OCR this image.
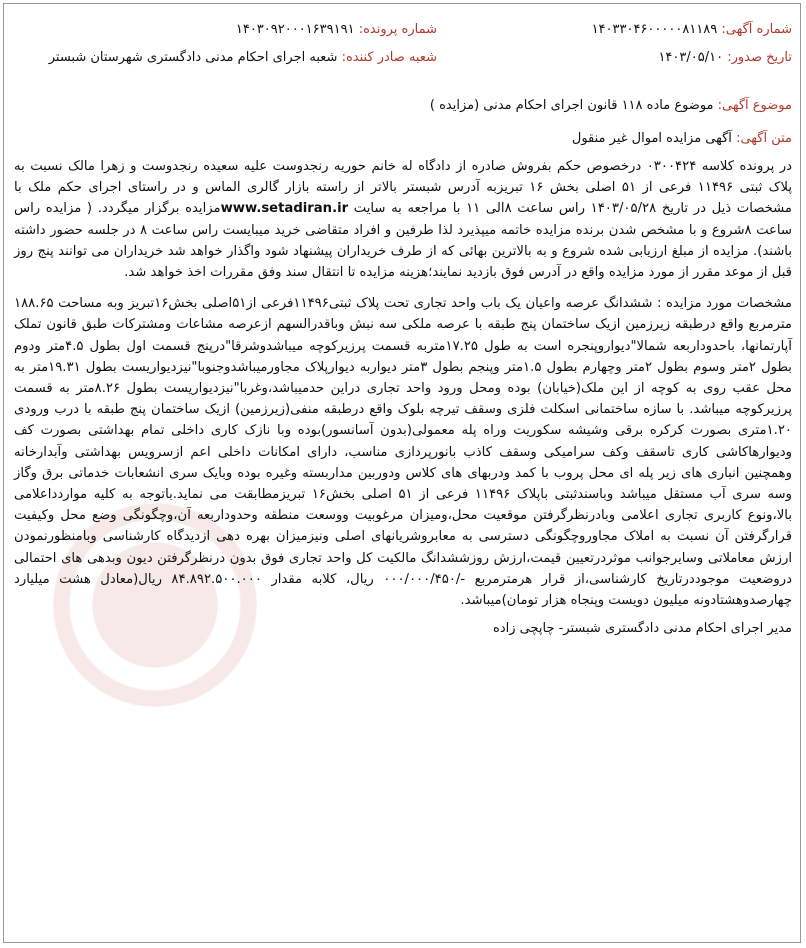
شماره آگهی: ۱۴۰۳۳۰۴۶۰۰۰۰۰۸۱۱۸۹
شماره پرونده: ۱۴۰۳۰۹۲۰۰۰۱۶۳۹۱۹۱
تاریخ صدور: ۱۴۰۳/۰۵/۱۰
شعبه صادر کننده: شعبه اجرای احکام مدنی دادگستری شهرستان شبستر
موضوع آگهی: موضوع ماده ۱۱۸ قانون اجرای احکام مدنی (مزایده )
متن آگهی: آگهی مزایده اموال غیر منقول

در پرونده کلاسه ۰۳۰۰۴۲۴ درخصوص حکم بفروش صادره از دادگاه له خانم حوریه رنجدوست علیه سعیده رنجدوست و زهرا مالک نسبت به پلاک ثبتی ۱۱۴۹۶ فرعی از ۵۱ اصلی بخش ۱۶ تبریزبه آدرس شبستر بالاتر از راسته بازار گالری الماس و در راستای اجرای حکم ملک با مشخصات ذیل در تاریخ ۱۴۰۳/۰۵/۲۸ راس ساعت ۸الی ۱۱ با مراجعه به سایت www.setadiran.irمزایده برگزار میگردد. ( مزایده راس ساعت ۸شروع و با مشخص شدن برنده مزایده خاتمه میپذیرد لذا طرفین و افراد متقاضی خرید میبایست راس ساعت ۸ در جلسه حضور داشته باشند). مزایده از مبلغ ارزیابی شده شروع و به بالاترین بهائی که از طرف خریداران پیشنهاد شود واگذار خواهد شد خریداران می توانند پنج روز قبل از موعد مقرر از مورد مزایده واقع در آدرس فوق بازدید نمایند؛هزینه مزایده تا انتقال سند وفق مقررات اخذ خواهد شد.

مشخصات مورد مزایده : ششدانگ عرصه واعیان یک باب واحد تجاری تحت پلاک ثبتی۱۱۴۹۶فرعی از۵۱اصلی بخش۱۶تبریز وبه مساحت ۱۸۸.۶۵ مترمربع واقع درطبقه زیرزمین ازیک ساختمان پنج طبقه با عرصه ملکی سه نبش وباقدرالسهم ازعرصه مشاعات ومشترکات طبق قانون تملک آپارتمانها، باحدوداربعه شمالا"دیواروپنجره است به طول ۱۷.۲۵متربه قسمت پرزیرکوچه میباشدوشرقا"درپنج قسمت اول بطول ۴.۵متر ودوم بطول ۲متر وسوم بطول ۲متر وچهارم بطول ۱.۵متر وپنجم بطول ۳متر دیواربه دیوارپلاک مجاورمیباشدوجنوبا"نیزدیواریست بطول ۱۹.۳۱متر به محل عقب روی به کوچه از این ملک(خیابان) بوده ومحل ورود واحد تجاری دراین حدمیباشد،وغربا"نیزدیواریست بطول ۸.۲۶متر به قسمت پرزیرکوچه میباشد. با سازه ساختمانی اسکلت فلزی وسقف تیرچه بلوک واقع درطبقه منفی(زیرزمین) ازیک ساختمان پنج طبقه با درب ورودی ۱.۲۰متری بصورت کرکره برقی وشیشه سکوریت وراه پله معمولی(بدون آسانسور)بوده وبا نازک کاری داخلی تمام بهداشتی بصورت کف ودیوارهاکاشی کاری تاسقف وکف سرامیکی وسقف کاذب بانورپردازی مناسب، دارای امکانات داخلی اعم ازسرویس بهداشتی وآبدارخانه وهمچنین انباری های زیر پله ای محل پروب با کمد ودربهای های کلاس ودوربین مداربسته وغیره بوده وبایک سری انشعابات خدماتی برق وگاز وسه سری آب مستقل میباشد وباسندثبتی باپلاک ۱۱۴۹۶ فرعی از ۵۱ اصلی بخش۱۶ تبریزمطابقت می نماید.باتوجه به کلیه مواردداعلامی بالا،ونوع کاربری تجاری اعلامی وبادرنظرگرفتن موقعیت محل،ومیزان مرغوبیت ووسعت منطقه وحدوداربعه آن،وچگونگی وضع محل وکیفیت قرارگرفتن آن نسبت به املاک مجاوروچگونگی دسترسی به معابروشریانهای اصلی ونیزمیزان بهره دهی ازدیدگاه کارشناسی وبامنظورنمودن ارزش معاملاتی وسایرجوانب موثردرتعیین قیمت،ارزش روزششدانگ مالکیت کل واحد تجاری فوق بدون درنظرگرفتن دیون وبدهی های احتمالی دروضعیت موجوددرتاریخ کارشناسی،از قرار هرمترمربع -/۰۰۰/۰۰۰/۴۵۰ ریال، کلابه مقدار ۸۴.۸۹۲.۵۰۰.۰۰۰ ریال(معادل هشت میلیارد چهارصدوهشتادونه میلیون دویست وپنجاه هزار تومان)میباشد.

مدیر اجرای احکام مدنی دادگستری شبستر- چاپچی زاده
